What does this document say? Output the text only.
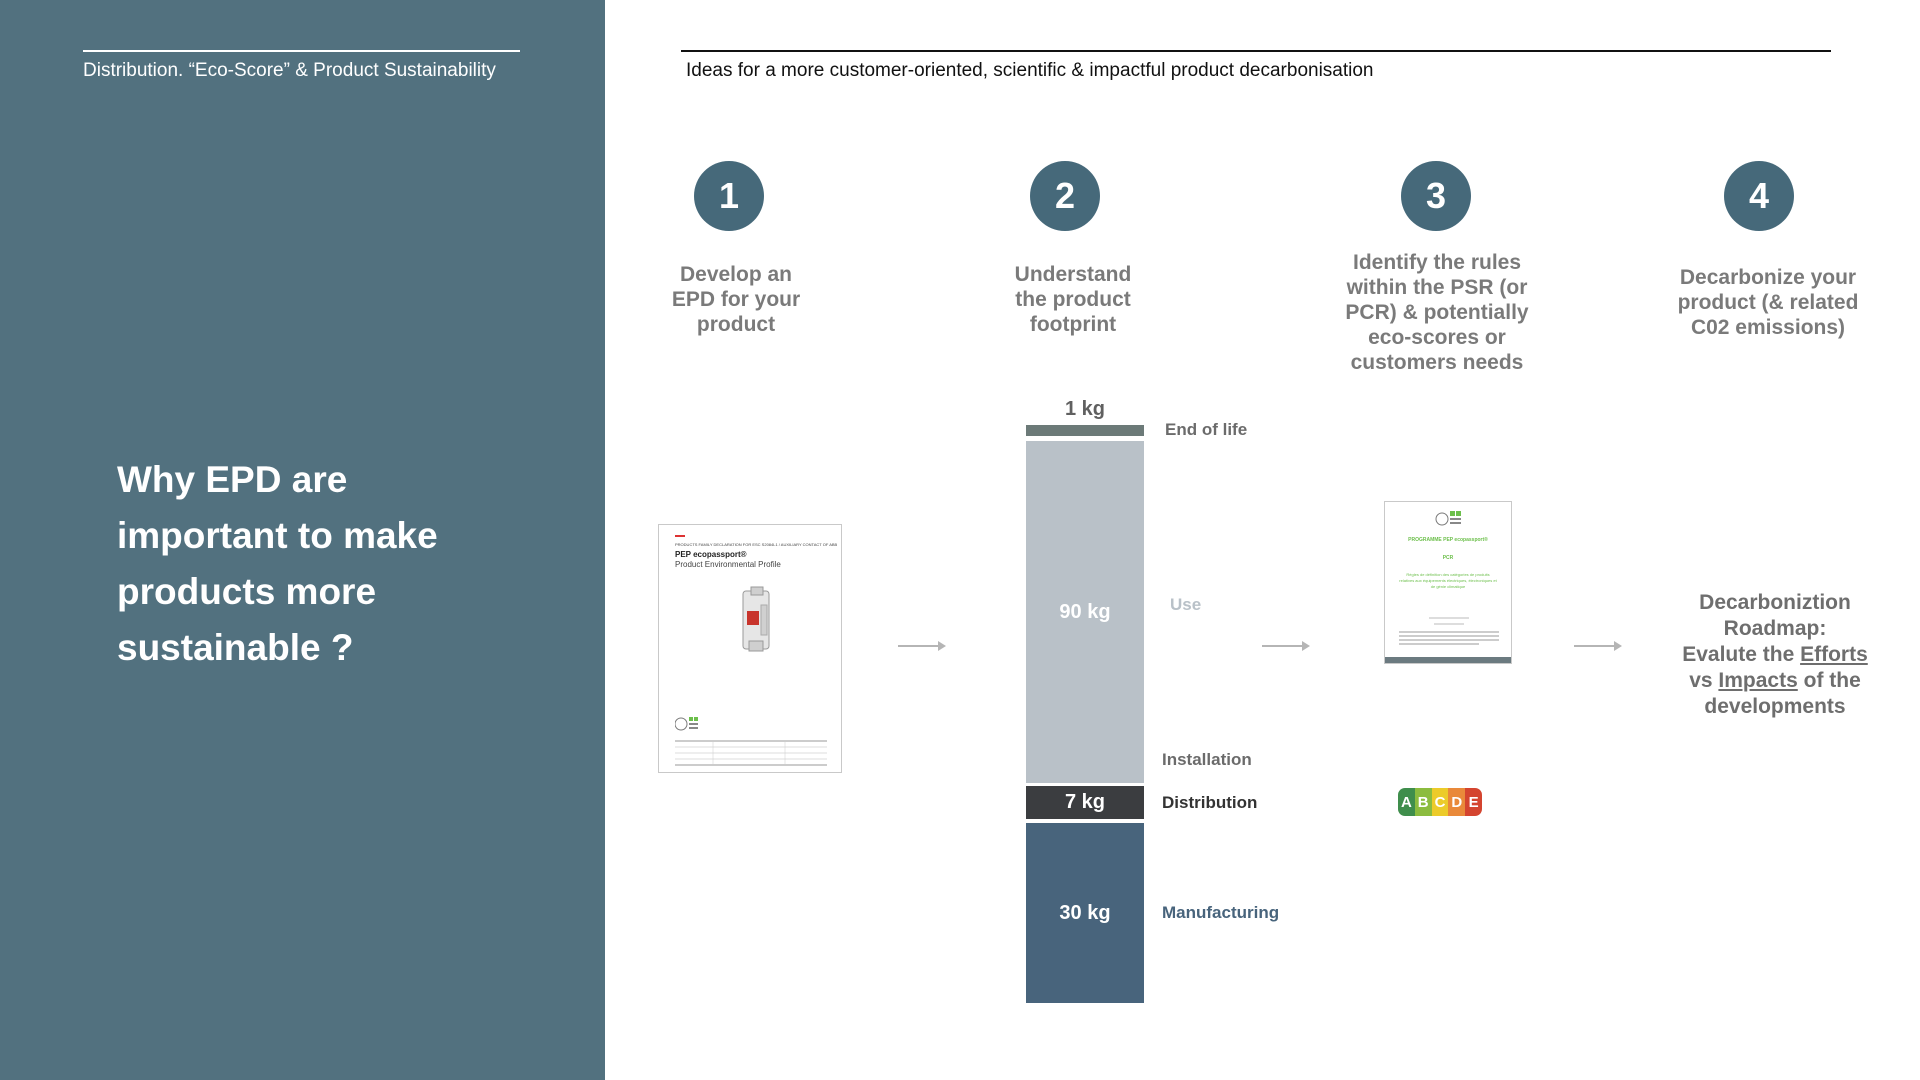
Distribution. “Eco-Score” & Product Sustainability
Why EPD are important to make products more sustainable ?
Ideas for a more customer-oriented, scientific & impactful product decarbonisation
1	2	3	4
Develop an
EPD for your
product
Understand
the product
footprint
Identify the rules
within the PSR (or
PCR) & potentially
eco-scores or
customers needs
Decarbonize your
product (& related
C02 emissions)
PRODUCTS FAMILY DECLARATION FOR ESC S2084L1 / AUXILIARY CONTACT OF ABB
PEP ecopassport®
Product Environmental Profile
1 kg
90 kg
7 kg
30 kg
End of life
Use
Installation
Distribution
Manufacturing
PROGRAMME PEP ecopassport®
PCR
Règles de définition des catégories de produits relatives aux équipements électriques, électroniques et de génie climatique
A B C D E
Decarboniztion
Roadmap:
Evalute the Efforts
vs Impacts of the
developments
